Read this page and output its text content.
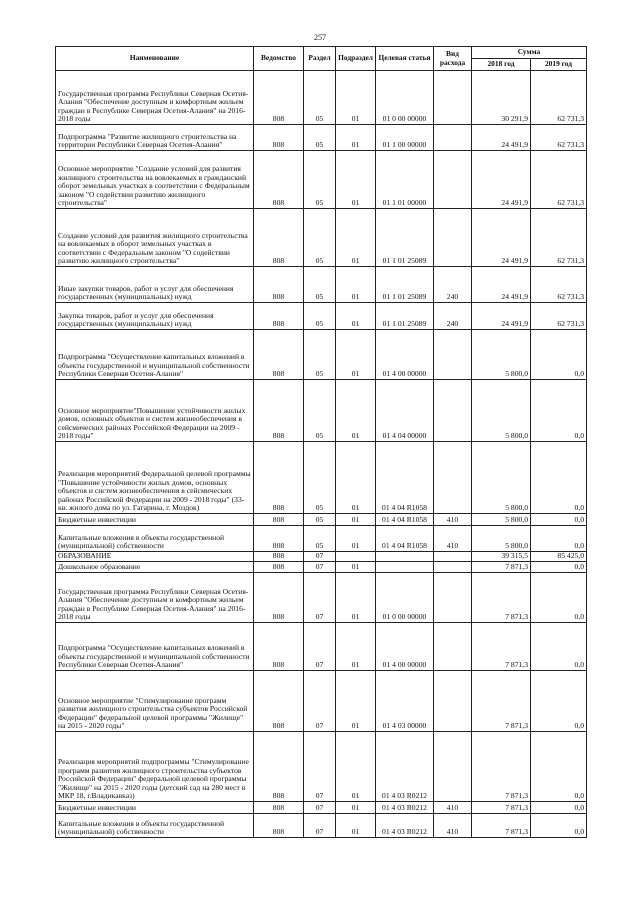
257
Наименование	Ведомство	Раздел	Подраздел	Целевая статья	Вид расхода	Сумма	
						2018 год	2019 год
Государственная программа Республики Северная Осетия-Алания "Обеспечение доступным и комфортным жильем граждан в Республике Северная Осетия-Алания" на 2016-2018 годы	808	05	01	01 0 00 00000		30 291,9	62 731,3
Подпрограмма "Развитие жилищного строительства на территории Республики Северная Осетия-Алания"	808	05	01	01 1 00 00000		24 491,9	62 731,3
Основное мероприятие "Создание условий для развития жилищного строительства на вовлекаемых в гражданский оборот земельных участках в соответствии с Федеральным законом "О содействии развитию жилищного строительства"	808	05	01	01 1 01 00000		24 491,9	62 731,3
Создание условий для развития жилищного строительства на вовлекаемых в оборот земельных участках в соответствии с Федеральным законом "О содействии развитию жилищного строительства"	808	05	01	01 1 01 25089		24 491,9	62 731,3
Иные закупки товаров, работ и услуг для обеспечения государственных (муниципальных) нужд	808	05	01	01 1 01 25089	240	24 491,9	62 731,3
Закупка товаров, работ и услуг для обеспечения государственных (муниципальных) нужд	808	05	01	01 1 01 25089	240	24 491,9	62 731,3
Подпрограмма "Осуществление капитальных вложений в объекты государственной и муниципальной собственности Республики Северная Осетия-Алания"	808	05	01	01 4 00 00000		5 800,0	0,0
Основное мероприятие"Повышение устойчивости жилых домов, основных объектов и систем жизнеобеспечения в сейсмических районах Российской Федерации на 2009 - 2018 годы"	808	05	01	01 4 04 00000		5 800,0	0,0
Реализация мероприятий Федеральной целевой программы "Повышение устойчивости жилых домов, основных объектов и систем жизнеобеспечения в сейсмических районах Российской Федерации на 2009 - 2018 годы" (33-кв. жилого дома по ул. Гагарина, г. Моздок)	808	05	01	01 4 04 R1058		5 800,0	0,0
Бюджетные инвестиции	808	05	01	01 4 04 R1058	410	5 800,0	0,0
Капитальные вложения в объекты государственной (муниципальной) собственности	808	05	01	01 4 04 R1058	410	5 800,0	0,0
ОБРАЗОВАНИЕ	808	07				39 315,5	85 425,0
Дошкольное образование	808	07	01			7 871,3	0,0
Государственная программа Республики Северная Осетия-Алания "Обеспечение доступным и комфортным жильем граждан в Республике Северная Осетия-Алания" на 2016-2018 годы	808	07	01	01 0 00 00000		7 871,3	0,0
Подпрограмма "Осуществление капитальных вложений в объекты государственной и муниципальной собственности Республики Северная Осетия-Алания"	808	07	01	01 4 00 00000		7 871,3	0,0
Основное мероприятие "Стимулирование программ развития жилищного строительства субъектов Российской Федерации" федеральной целевой программы "Жилище" на 2015 - 2020 годы"	808	07	01	01 4 03 00000		7 871,3	0,0
Реализация мероприятий подпрограммы "Стимулирование программ развития жилищного строительства субъектов Российской Федерации" федеральной целевой программы "Жилище" на 2015 - 2020 годы (детский сад на 280 мест в МКР 18, г.Владикавказ)	808	07	01	01 4 03 R0212		7 871,3	0,0
Бюджетные инвестиции	808	07	01	01 4 03 R0212	410	7 871,3	0,0
Капитальные вложения в объекты государственной (муниципальной) собственности	808	07	01	01 4 03 R0212	410	7 871,3	0,0
